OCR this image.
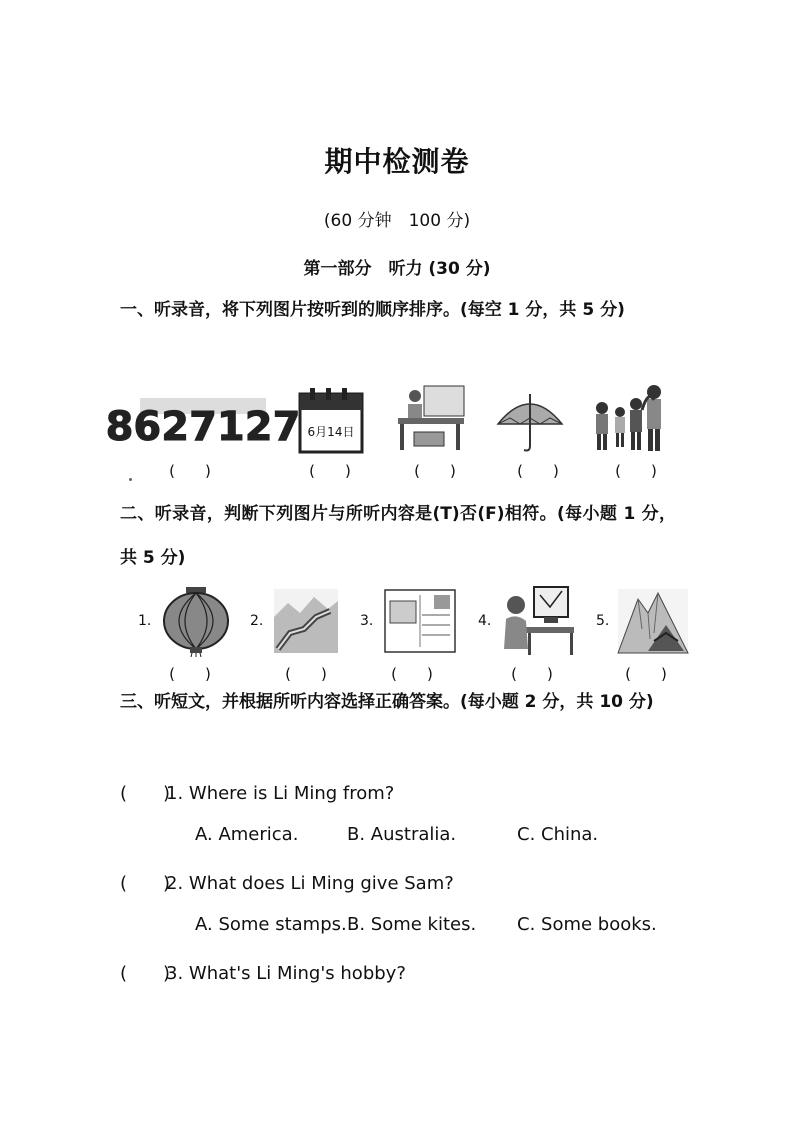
期中检测卷
(60 分钟　100 分)
第一部分　听力 (30 分)
一、听录音，将下列图片按听到的顺序排序。(每空 1 分，共 5 分)
8627127 6月14日
(　　)	(　　)	(　　)	(　　)	(　　)
二、听录音，判断下列图片与所听内容是(T)否(F)相符。(每小题 1 分，共 5 分)
1.	2.	3.	4.	5.
(　　)	(　　)	(　　)	(　　)	(　　)
三、听短文，并根据所听内容选择正确答案。(每小题 2 分，共 10 分)
(　　)1. Where is Li Ming from?
A. America.	B. Australia.	C. China.
(　　)2. What does Li Ming give Sam?
A. Some stamps. B. Some kites. C. Some books.
(　　)3. What's Li Ming's hobby?
